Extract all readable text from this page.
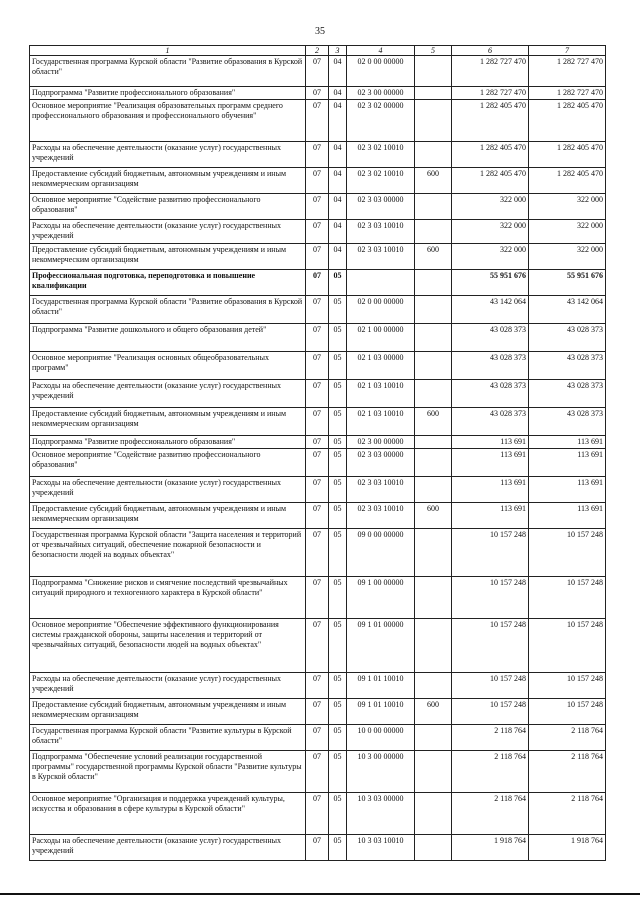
35
1	2	3	4	5	6	7
Государственная программа Курской области "Развитие образования в Курской области"	07	04	02 0 00 00000		1 282 727 470	1 282 727 470
Подпрограмма "Развитие профессионального образования"	07	04	02 3 00 00000		1 282 727 470	1 282 727 470
Основное мероприятие "Реализация образовательных программ среднего профессионального образования и профессионального обучения"	07	04	02 3 02 00000		1 282 405 470	1 282 405 470
Расходы на обеспечение деятельности (оказание услуг) государственных учреждений	07	04	02 3 02 10010		1 282 405 470	1 282 405 470
Предоставление субсидий бюджетным, автономным учреждениям и иным некоммерческим организациям	07	04	02 3 02 10010	600	1 282 405 470	1 282 405 470
Основное мероприятие "Содействие развитию профессионального образования"	07	04	02 3 03 00000		322 000	322 000
Расходы на обеспечение деятельности (оказание услуг) государственных учреждений	07	04	02 3 03 10010		322 000	322 000
Предоставление субсидий бюджетным, автономным учреждениям и иным некоммерческим организациям	07	04	02 3 03 10010	600	322 000	322 000
Профессиональная подготовка, переподготовка и повышение квалификации	07	05			55 951 676	55 951 676
Государственная программа Курской области "Развитие образования в Курской области"	07	05	02 0 00 00000		43 142 064	43 142 064
Подпрограмма "Развитие дошкольного и общего образования детей"	07	05	02 1 00 00000		43 028 373	43 028 373
Основное мероприятие "Реализация основных общеобразовательных программ"	07	05	02 1 03 00000		43 028 373	43 028 373
Расходы на обеспечение деятельности (оказание услуг) государственных учреждений	07	05	02 1 03 10010		43 028 373	43 028 373
Предоставление субсидий бюджетным, автономным учреждениям и иным некоммерческим организациям	07	05	02 1 03 10010	600	43 028 373	43 028 373
Подпрограмма "Развитие профессионального образования"	07	05	02 3 00 00000		113 691	113 691
Основное мероприятие "Содействие развитию профессионального образования"	07	05	02 3 03 00000		113 691	113 691
Расходы на обеспечение деятельности (оказание услуг) государственных учреждений	07	05	02 3 03 10010		113 691	113 691
Предоставление субсидий бюджетным, автономным учреждениям и иным некоммерческим организациям	07	05	02 3 03 10010	600	113 691	113 691
Государственная программа Курской области "Защита населения и территорий от чрезвычайных ситуаций, обеспечение пожарной безопасности и безопасности людей на водных объектах"	07	05	09 0 00 00000		10 157 248	10 157 248
Подпрограмма "Снижение рисков и смягчение последствий чрезвычайных ситуаций природного и техногенного характера в Курской области"	07	05	09 1 00 00000		10 157 248	10 157 248
Основное мероприятие "Обеспечение эффективного функционирования системы гражданской обороны, защиты населения и территорий от чрезвычайных ситуаций, безопасности людей на водных объектах"	07	05	09 1 01 00000		10 157 248	10 157 248
Расходы на обеспечение деятельности (оказание услуг) государственных учреждений	07	05	09 1 01 10010		10 157 248	10 157 248
Предоставление субсидий бюджетным, автономным учреждениям и иным некоммерческим организациям	07	05	09 1 01 10010	600	10 157 248	10 157 248
Государственная программа Курской области "Развитие культуры в Курской области"	07	05	10 0 00 00000		2 118 764	2 118 764
Подпрограмма "Обеспечение условий реализации государственной программы" государственной программы Курской области "Развитие культуры в Курской области"	07	05	10 3 00 00000		2 118 764	2 118 764
Основное мероприятие "Организация и поддержка учреждений культуры, искусства и образования в сфере культуры в Курской области"	07	05	10 3 03 00000		2 118 764	2 118 764
Расходы на обеспечение деятельности (оказание услуг) государственных учреждений	07	05	10 3 03 10010		1 918 764	1 918 764
